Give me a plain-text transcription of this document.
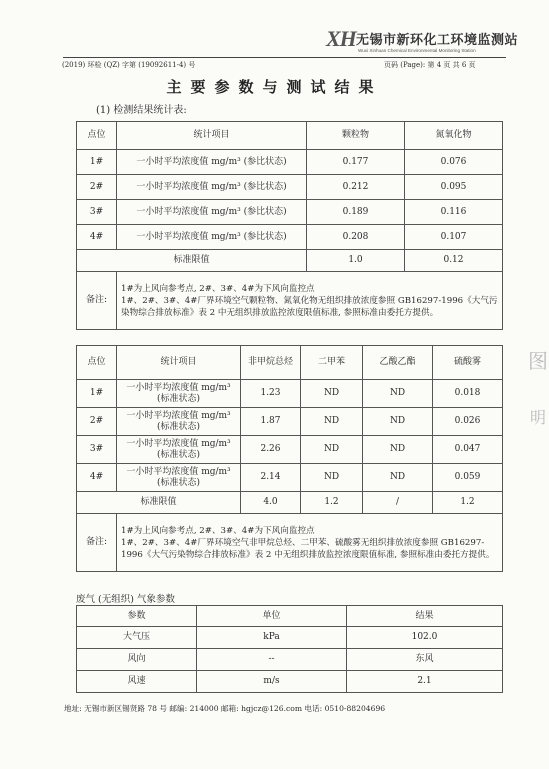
XH 无锡市新环化工环境监测站
Wuxi Xinhuan Chemical Environmental Monitoring Station
(2019) 环检 (QZ) 字第 (19092611-4) 号	页码 (Page): 第 4 页 共 6 页
主要参数与测试结果
(1) 检测结果统计表:
点位	统计项目	颗粒物	氮氧化物
1#	一小时平均浓度值 mg/m³ (参比状态)	0.177	0.076
2#	一小时平均浓度值 mg/m³ (参比状态)	0.212	0.095
3#	一小时平均浓度值 mg/m³ (参比状态)	0.189	0.116
4#	一小时平均浓度值 mg/m³ (参比状态)	0.208	0.107
标准限值		1.0	0.12
备注:	1#为上风向参考点, 2#、3#、4#为下风向监控点
1#、2#、3#、4#厂界环境空气颗粒物、氮氧化物无组织排放浓度参照 GB16297-1996《大气污染物综合排放标准》表 2 中无组织排放监控浓度限值标准, 参照标准由委托方提供。		
点位	统计项目	非甲烷总烃	二甲苯	乙酸乙酯	硫酸雾
1#	一小时平均浓度值 mg/m³ (标准状态)	1.23	ND	ND	0.018
2#	一小时平均浓度值 mg/m³ (标准状态)	1.87	ND	ND	0.026
3#	一小时平均浓度值 mg/m³ (标准状态)	2.26	ND	ND	0.047
4#	一小时平均浓度值 mg/m³ (标准状态)	2.14	ND	ND	0.059
标准限值		4.0	1.2	/	1.2
备注:	1#为上风向参考点, 2#、3#、4#为下风向监控点
1#、2#、3#、4#厂界环境空气非甲烷总烃、二甲苯、硫酸雾无组织排放浓度参照 GB16297-1996《大气污染物综合排放标准》表 2 中无组织排放监控浓度限值标准, 参照标准由委托方提供。				
废气 (无组织) 气象参数
参数	单位	结果
大气压	kPa	102.0
风向	--	东风
风速	m/s	2.1
地址: 无锡市新区锡贤路 78 号 邮编: 214000 邮箱: hgjcz@126.com 电话: 0510-88204696
图
明
